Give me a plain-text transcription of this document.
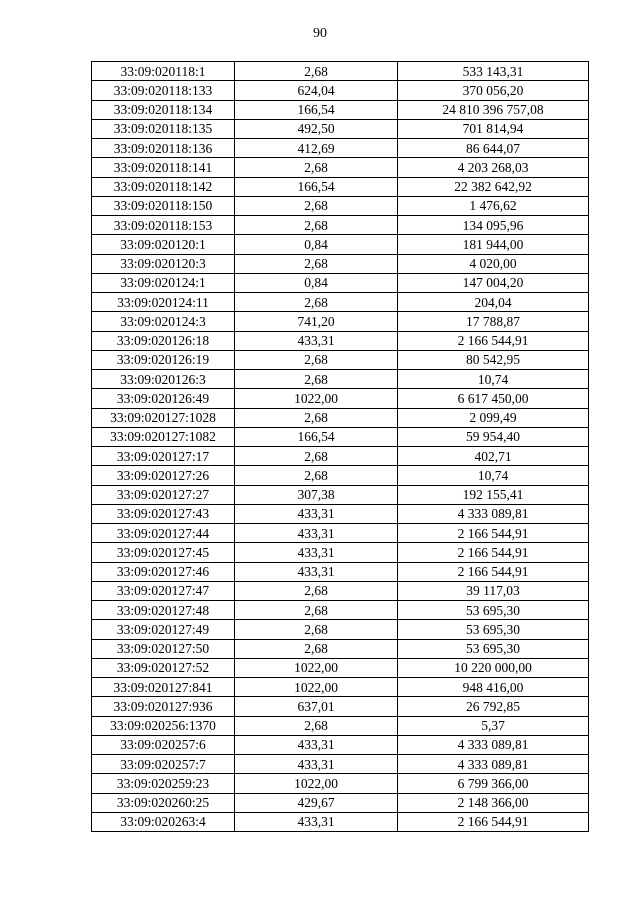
90
33:09:020118:1	2,68	533 143,31
33:09:020118:133	624,04	370 056,20
33:09:020118:134	166,54	24 810 396 757,08
33:09:020118:135	492,50	701 814,94
33:09:020118:136	412,69	86 644,07
33:09:020118:141	2,68	4 203 268,03
33:09:020118:142	166,54	22 382 642,92
33:09:020118:150	2,68	1 476,62
33:09:020118:153	2,68	134 095,96
33:09:020120:1	0,84	181 944,00
33:09:020120:3	2,68	4 020,00
33:09:020124:1	0,84	147 004,20
33:09:020124:11	2,68	204,04
33:09:020124:3	741,20	17 788,87
33:09:020126:18	433,31	2 166 544,91
33:09:020126:19	2,68	80 542,95
33:09:020126:3	2,68	10,74
33:09:020126:49	1022,00	6 617 450,00
33:09:020127:1028	2,68	2 099,49
33:09:020127:1082	166,54	59 954,40
33:09:020127:17	2,68	402,71
33:09:020127:26	2,68	10,74
33:09:020127:27	307,38	192 155,41
33:09:020127:43	433,31	4 333 089,81
33:09:020127:44	433,31	2 166 544,91
33:09:020127:45	433,31	2 166 544,91
33:09:020127:46	433,31	2 166 544,91
33:09:020127:47	2,68	39 117,03
33:09:020127:48	2,68	53 695,30
33:09:020127:49	2,68	53 695,30
33:09:020127:50	2,68	53 695,30
33:09:020127:52	1022,00	10 220 000,00
33:09:020127:841	1022,00	948 416,00
33:09:020127:936	637,01	26 792,85
33:09:020256:1370	2,68	5,37
33:09:020257:6	433,31	4 333 089,81
33:09:020257:7	433,31	4 333 089,81
33:09:020259:23	1022,00	6 799 366,00
33:09:020260:25	429,67	2 148 366,00
33:09:020263:4	433,31	2 166 544,91
